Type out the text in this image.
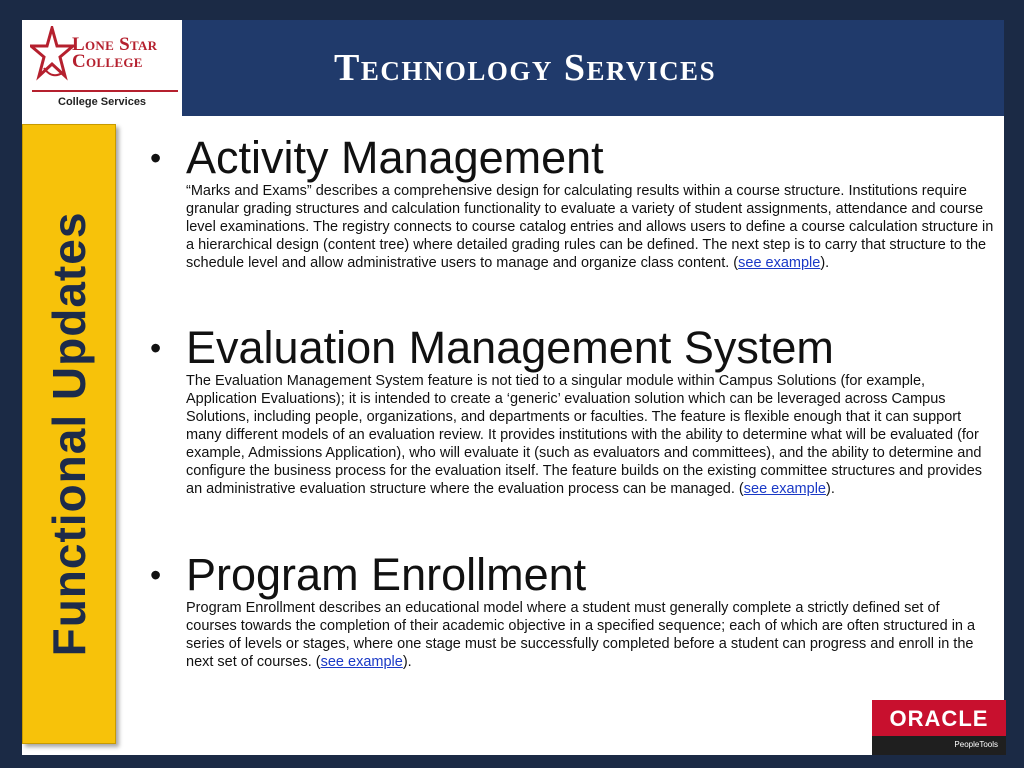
Lone Star
College
College Services
Technology Services
Functional Updates
• Activity Management
“Marks and Exams” describes a comprehensive design for calculating results within a course structure. Institutions require granular grading structures and calculation functionality to evaluate a variety of student assignments, attendance and course level examinations. The registry connects to course catalog entries and allows users to define a course calculation structure in a hierarchical design (content tree) where detailed grading rules can be defined. The next step is to carry that structure to the schedule level and allow administrative users to manage and organize class content. (see example).
• Evaluation Management System
The Evaluation Management System feature is not tied to a singular module within Campus Solutions (for example, Application Evaluations); it is intended to create a ‘generic’ evaluation solution which can be leveraged across Campus Solutions, including people, organizations, and departments or faculties. The feature is flexible enough that it can support many different models of an evaluation review. It provides institutions with the ability to determine what will be evaluated (for example, Admissions Application), who will evaluate it (such as evaluators and committees), and the ability to determine and configure the business process for the evaluation itself. The feature builds on the existing committee structures and provides an administrative evaluation structure where the evaluation process can be managed. (see example).
• Program Enrollment
Program Enrollment describes an educational model where a student must generally complete a strictly defined set of courses towards the completion of their academic objective in a specified sequence; each of which are often structured in a series of levels or stages, where one stage must be successfully completed before a student can progress and enroll in the next set of courses. (see example).
ORACLE
PeopleTools
